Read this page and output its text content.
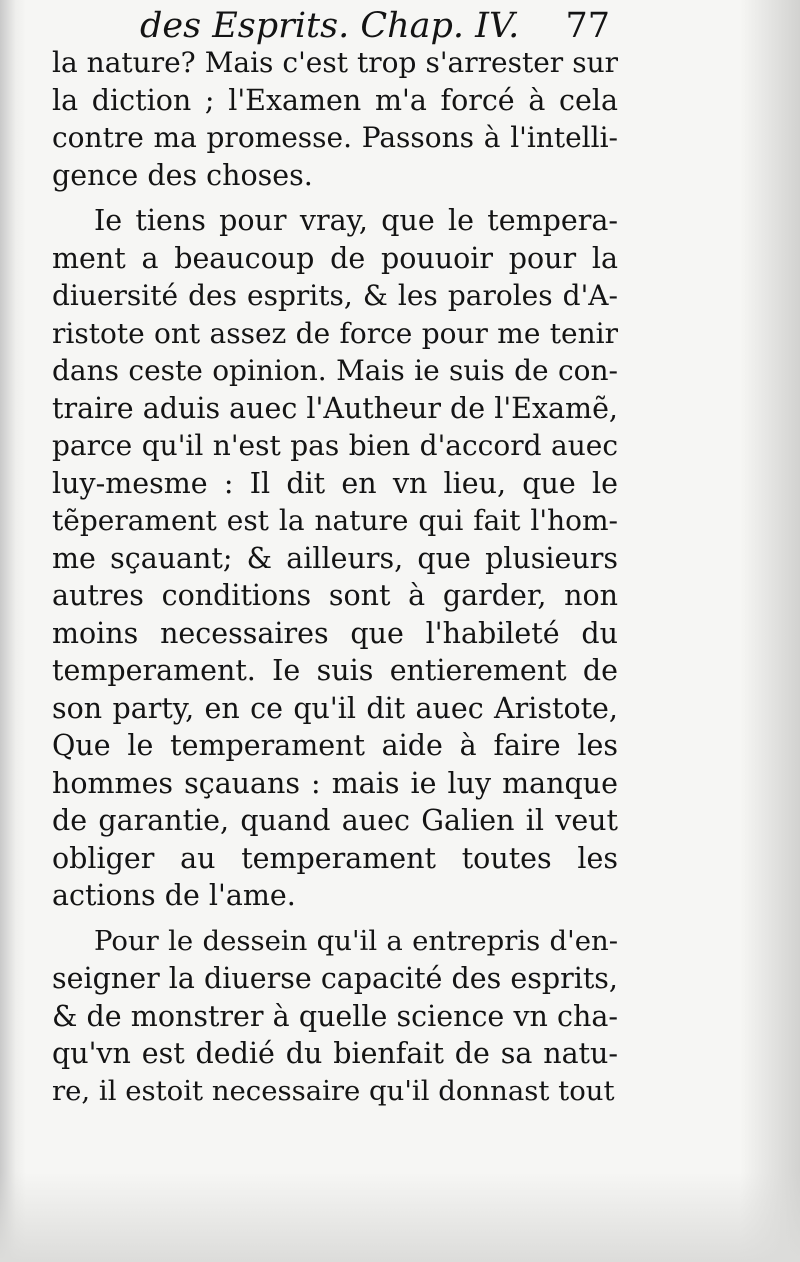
des Esprits. Chap. IV. 77
la nature? Mais c'est trop s'arrester sur
la diction ; l'Examen m'a forcé à cela
contre ma promesse. Passons à l'intelli-
gence des choses.
Ie tiens pour vray, que le tempera-
ment a beaucoup de pouuoir pour la
diuersité des esprits, & les paroles d'A-
ristote ont assez de force pour me tenir
dans ceste opinion. Mais ie suis de con-
traire aduis auec l'Autheur de l'Examẽ,
parce qu'il n'est pas bien d'accord auec
luy-mesme : Il dit en vn lieu, que le
tẽperament est la nature qui fait l'hom-
me sçauant; & ailleurs, que plusieurs
autres conditions sont à garder, non
moins necessaires que l'habileté du
temperament. Ie suis entierement de
son party, en ce qu'il dit auec Aristote,
Que le temperament aide à faire les
hommes sçauans : mais ie luy manque
de garantie, quand auec Galien il veut
obliger au temperament toutes les
actions de l'ame.
Pour le dessein qu'il a entrepris d'en-
seigner la diuerse capacité des esprits,
& de monstrer à quelle science vn cha-
qu'vn est dedié du bienfait de sa natu-
re, il estoit necessaire qu'il donnast tout
